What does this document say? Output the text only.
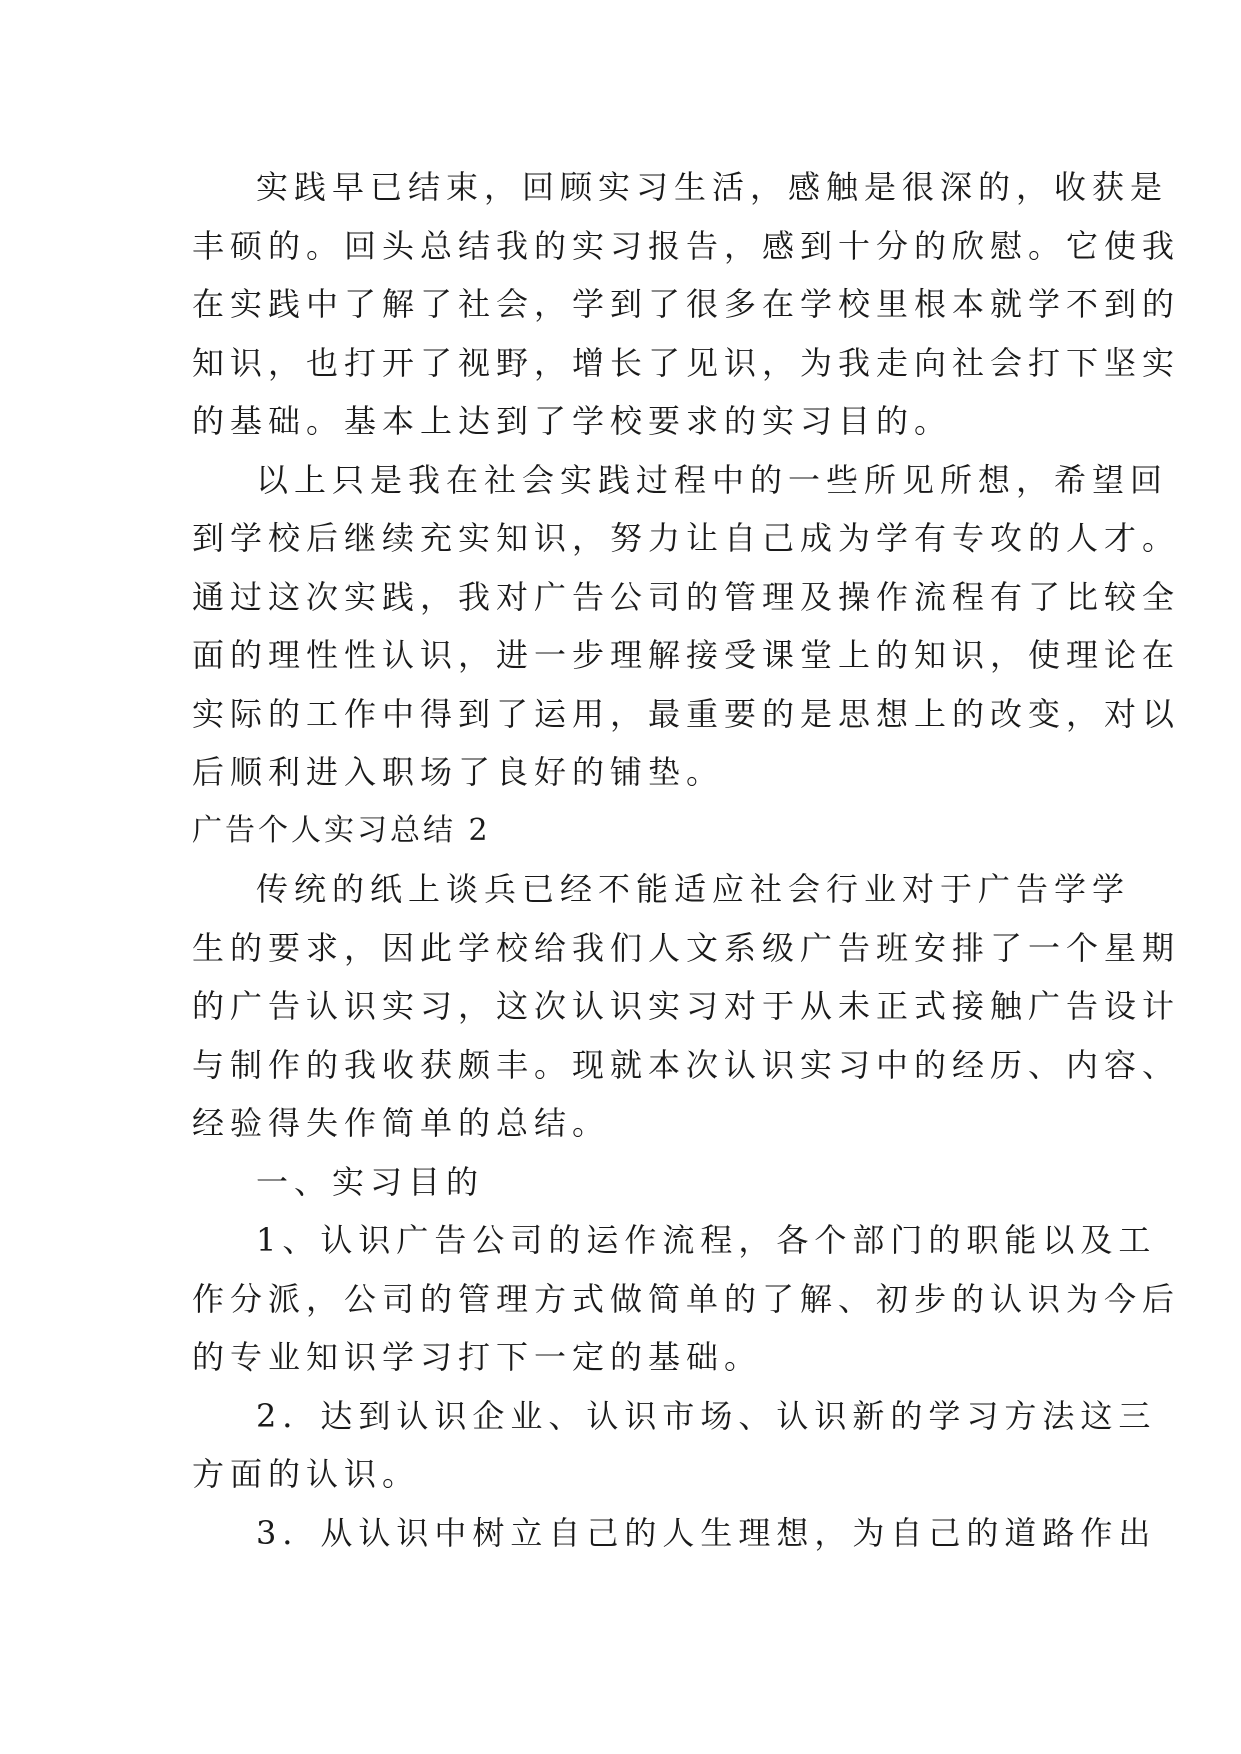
实践早已结束，回顾实习生活，感触是很深的，收获是
丰硕的。回头总结我的实习报告，感到十分的欣慰。它使我
在实践中了解了社会，学到了很多在学校里根本就学不到的
知识，也打开了视野，增长了见识，为我走向社会打下坚实
的基础。基本上达到了学校要求的实习目的。
以上只是我在社会实践过程中的一些所见所想，希望回
到学校后继续充实知识，努力让自己成为学有专攻的人才。
通过这次实践，我对广告公司的管理及操作流程有了比较全
面的理性性认识，进一步理解接受课堂上的知识，使理论在
实际的工作中得到了运用，最重要的是思想上的改变，对以
后顺利进入职场了良好的铺垫。
广告个人实习总结 2
传统的纸上谈兵已经不能适应社会行业对于广告学学
生的要求，因此学校给我们人文系级广告班安排了一个星期
的广告认识实习，这次认识实习对于从未正式接触广告设计
与制作的我收获颇丰。现就本次认识实习中的经历、内容、
经验得失作简单的总结。
一、实习目的
1、认识广告公司的运作流程，各个部门的职能以及工
作分派，公司的管理方式做简单的了解、初步的认识为今后
的专业知识学习打下一定的基础。
2．达到认识企业、认识市场、认识新的学习方法这三
方面的认识。
3．从认识中树立自己的人生理想，为自己的道路作出
